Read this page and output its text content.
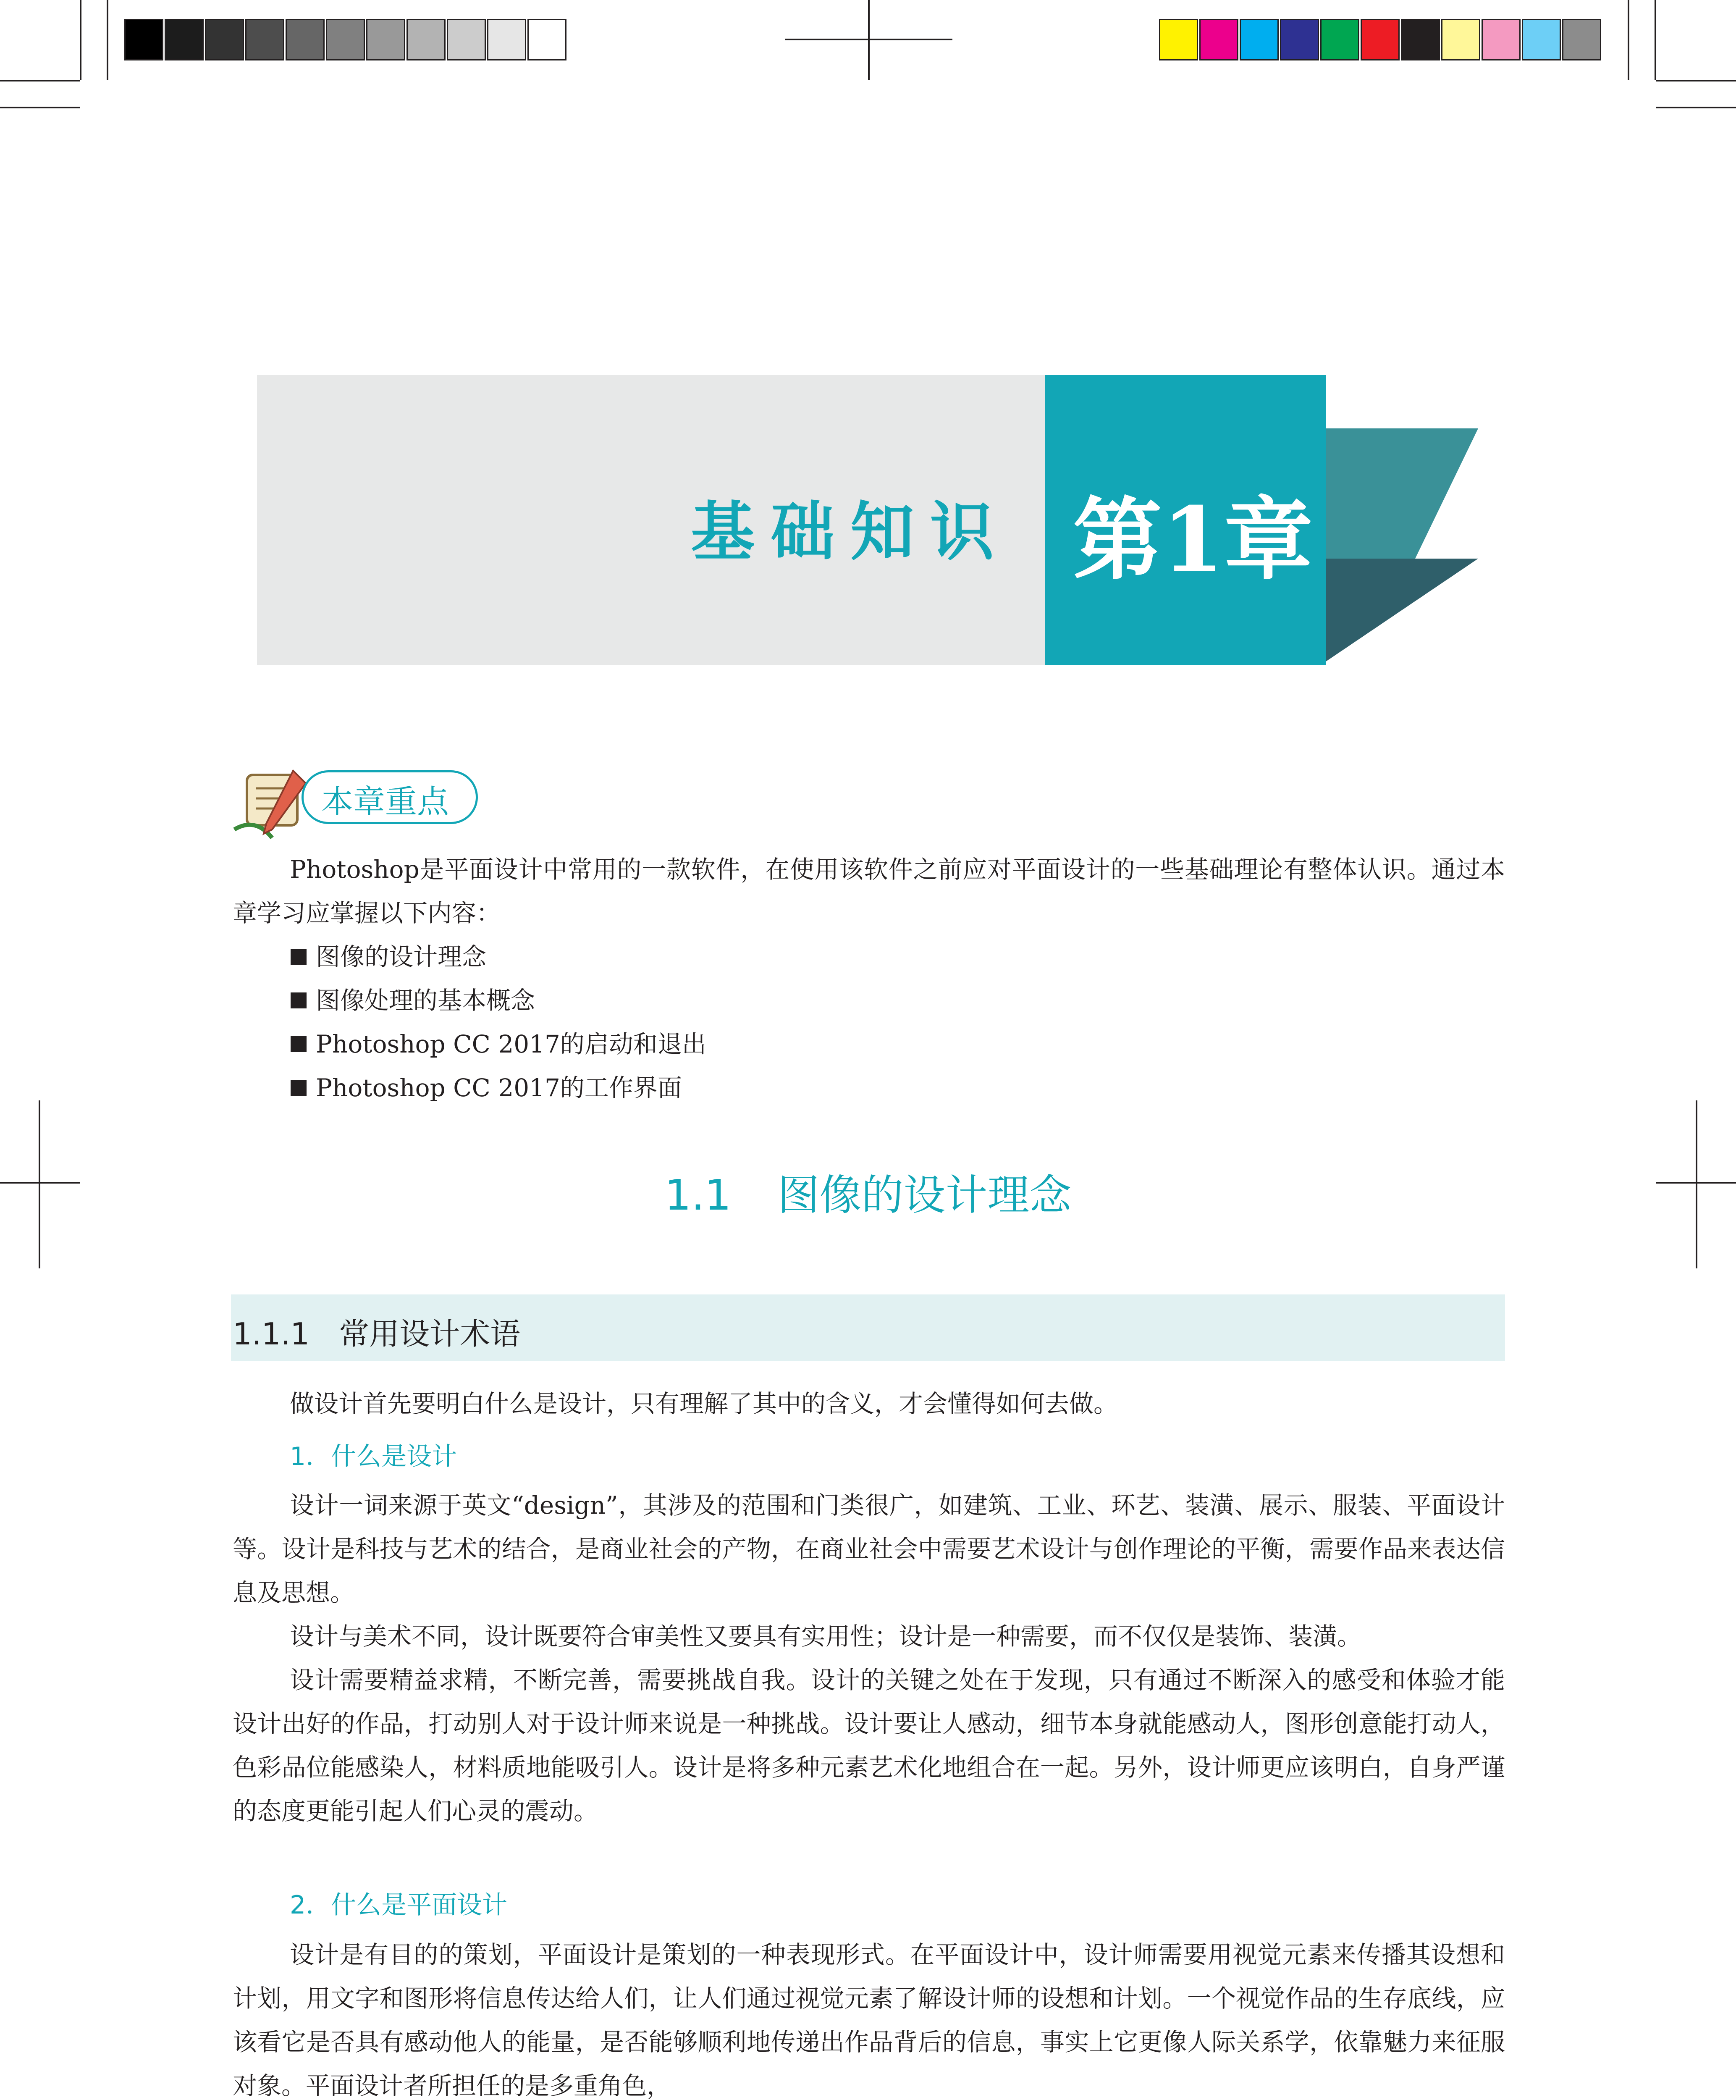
基础知识 第1章
本章重点

Photoshop是平面设计中常用的一款软件，在使用该软件之前应对平面设计的一些基础理论有整体认识。通过本章学习应掌握以下内容：

图像的设计理念
图像处理的基本概念
Photoshop CC 2017的启动和退出
Photoshop CC 2017的工作界面
1.1 图像的设计理念
1.1.1 常用设计术语

做设计首先要明白什么是设计，只有理解了其中的含义，才会懂得如何去做。

1．什么是设计

设计一词来源于英文“design”，其涉及的范围和门类很广，如建筑、工业、环艺、装潢、展示、服装、平面设计等。设计是科技与艺术的结合，是商业社会的产物，在商业社会中需要艺术设计与创作理论的平衡，需要作品来表达信息及思想。

设计与美术不同，设计既要符合审美性又要具有实用性；设计是一种需要，而不仅仅是装饰、装潢。

设计需要精益求精，不断完善，需要挑战自我。设计的关键之处在于发现，只有通过不断深入的感受和体验才能设计出好的作品，打动别人对于设计师来说是一种挑战。设计要让人感动，细节本身就能感动人，图形创意能打动人，色彩品位能感染人，材料质地能吸引人。设计是将多种元素艺术化地组合在一起。另外，设计师更应该明白，自身严谨的态度更能引起人们心灵的震动。

2．什么是平面设计

设计是有目的的策划，平面设计是策划的一种表现形式。在平面设计中，设计师需要用视觉元素来传播其设想和计划，用文字和图形将信息传达给人们，让人们通过视觉元素了解设计师的设想和计划。一个视觉作品的生存底线，应该看它是否具有感动他人的能量，是否能够顺利地传递出作品背后的信息，事实上它更像人际关系学，依靠魅力来征服对象。平面设计者所担任的是多重角色，
